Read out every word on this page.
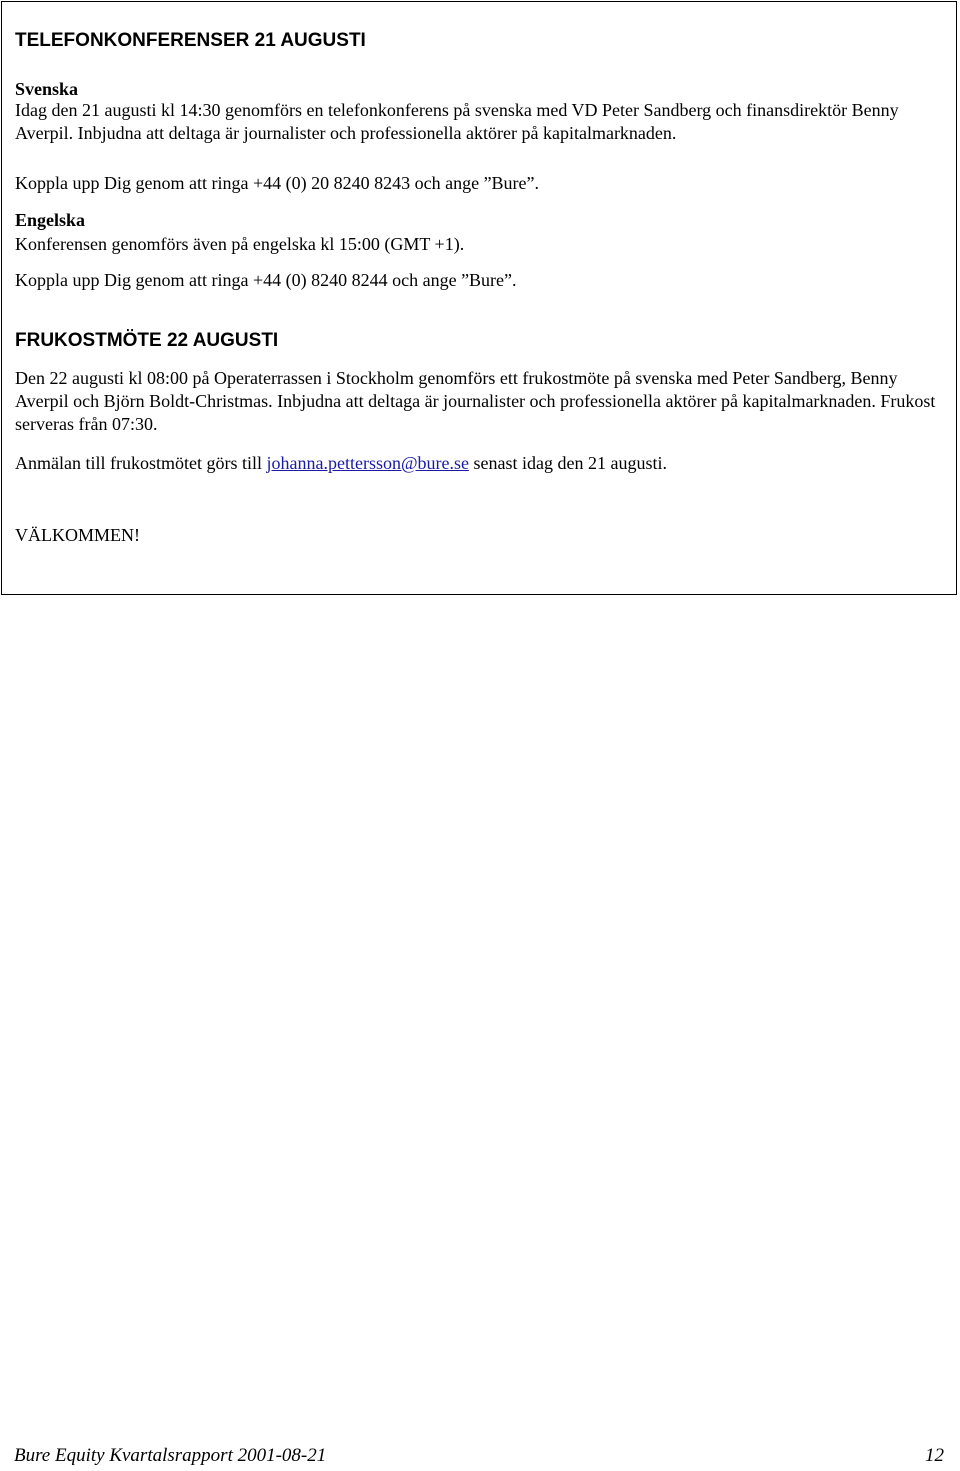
TELEFONKONFERENSER 21 AUGUSTI
Svenska
Idag den 21 augusti kl 14:30 genomförs en telefonkonferens på svenska med VD Peter Sandberg och finansdirektör Benny Averpil. Inbjudna att deltaga är journalister och professionella aktörer på kapitalmarknaden.
Koppla upp Dig genom att ringa +44 (0) 20 8240 8243 och ange ”Bure”.
Engelska
Konferensen genomförs även på engelska kl 15:00 (GMT +1).
Koppla upp Dig genom att ringa +44 (0) 8240 8244 och ange ”Bure”.
FRUKOSTMÖTE 22 AUGUSTI
Den 22 augusti kl 08:00 på Operaterrassen i Stockholm genomförs ett frukostmöte på svenska med Peter Sandberg, Benny Averpil och Björn Boldt-Christmas. Inbjudna att deltaga är journalister och professionella aktörer på kapitalmarknaden. Frukost serveras från 07:30.
Anmälan till frukostmötet görs till johanna.pettersson@bure.se senast idag den 21 augusti.
VÄLKOMMEN!
Bure Equity Kvartalsrapport 2001-08-21	12
